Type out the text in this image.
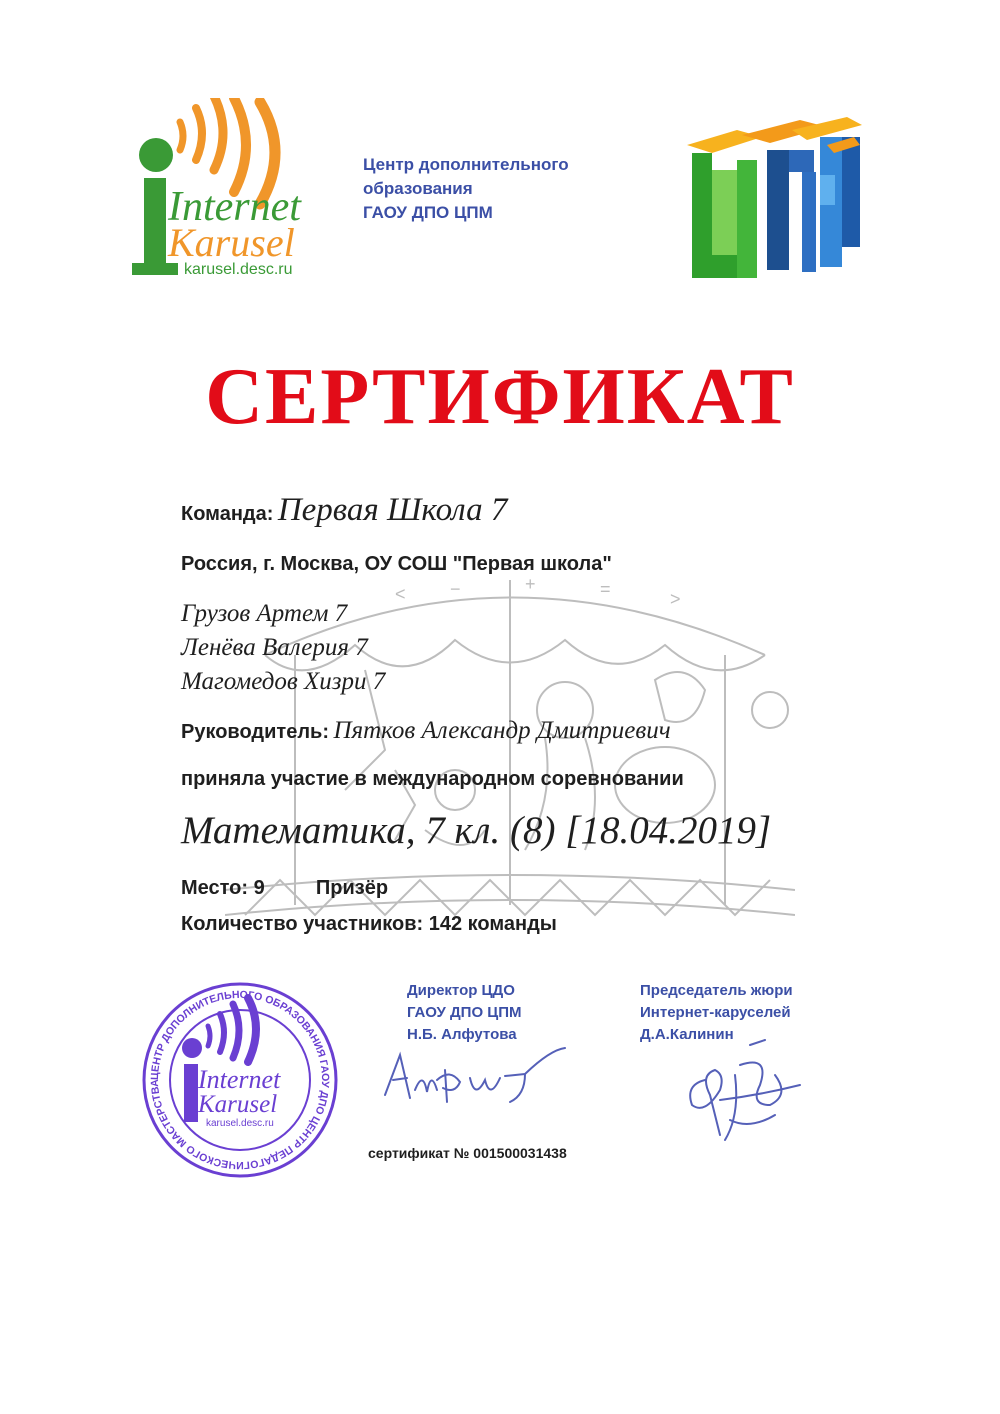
Internet
Karusel
karusel.desc.ru
Центр дополнительного
образования
ГАОУ ДПО ЦПМ
СЕРТИФИКАТ
< −	+	=	>
Команда: Первая Школа 7
Россия, г. Москва, ОУ СОШ "Первая школа"
Грузов Артем 7
Ленёва Валерия 7
Магомедов Хизри 7
Руководитель: Пятков Александр Дмитриевич
приняла участие в международном соревновании
Математика, 7 кл. (8) [18.04.2019]
Место: 9	Призёр
Количество участников: 142 команды
ЦЕНТР ДОПОЛНИТЕЛЬНОГО ОБРАЗОВАНИЯ ГАОУ ДПО ЦЕНТР ПЕДАГОГИЧЕСКОГО МАСТЕРСТВА	Internet
Karusel
karusel.desc.ru
Директор ЦДО
ГАОУ ДПО ЦПМ
Н.Б. Алфутова
Председатель жюри
Интернет-каруселей
Д.А.Калинин
сертификат № 001500031438
